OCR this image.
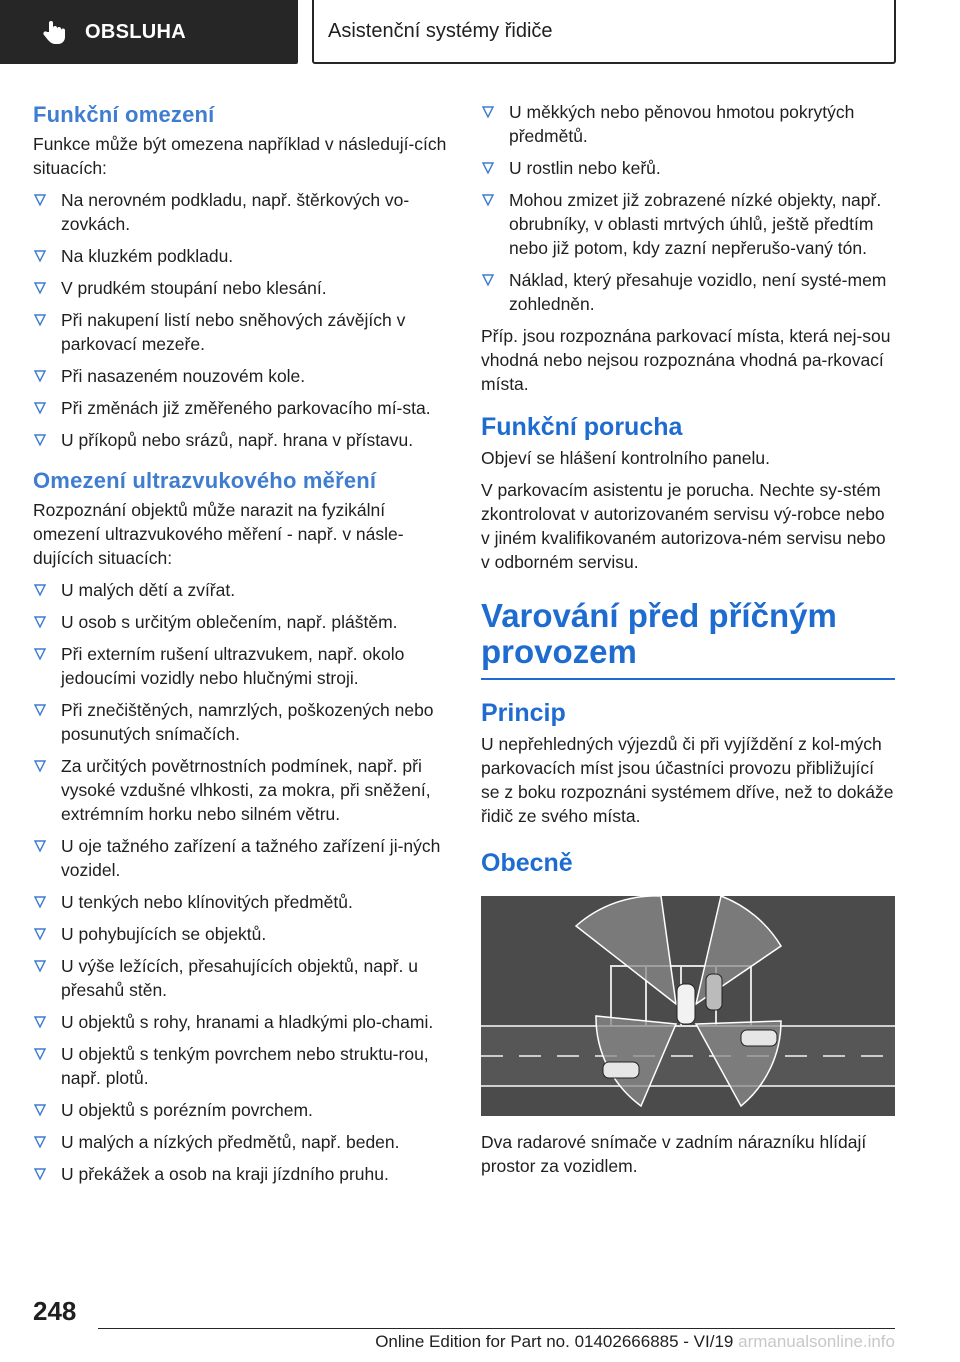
OBSLUHA	Asistenční systémy řidiče
Funkční omezení

Funkce může být omezena například v následují‐cích situacích:

Na nerovném podkladu, např. štěrkových vo‐zovkách.
Na kluzkém podkladu.
V prudkém stoupání nebo klesání.
Při nakupení listí nebo sněhových závějích v parkovací mezeře.
Při nasazeném nouzovém kole.
Při změnách již změřeného parkovacího mí‐sta.
U příkopů nebo srázů, např. hrana v přístavu.
Omezení ultrazvukového měření

Rozpoznání objektů může narazit na fyzikální omezení ultrazvukového měření - např. v násle‐dujících situacích:

U malých dětí a zvířat.
U osob s určitým oblečením, např. pláštěm.
Při externím rušení ultrazvukem, např. okolo jedoucími vozidly nebo hlučnými stroji.
Při znečištěných, namrzlých, poškozených nebo posunutých snímačích.
Za určitých povětrnostních podmínek, např. při vysoké vzdušné vlhkosti, za mokra, při sněžení, extrémním horku nebo silném větru.
U oje tažného zařízení a tažného zařízení ji‐ných vozidel.
U tenkých nebo klínovitých předmětů.
U pohybujících se objektů.
U výše ležících, přesahujících objektů, např. u přesahů stěn.
U objektů s rohy, hranami a hladkými plo‐chami.
U objektů s tenkým povrchem nebo struktu‐rou, např. plotů.
U objektů s porézním povrchem.
U malých a nízkých předmětů, např. beden.
U překážek a osob na kraji jízdního pruhu.
U měkkých nebo pěnovou hmotou pokrytých předmětů.
U rostlin nebo keřů.
Mohou zmizet již zobrazené nízké objekty, např. obrubníky, v oblasti mrtvých úhlů, ještě předtím nebo již potom, kdy zazní nepřerušo‐vaný tón.
Náklad, který přesahuje vozidlo, není systé‐mem zohledněn.

Příp. jsou rozpoznána parkovací místa, která nej‐sou vhodná nebo nejsou rozpoznána vhodná pa‐rkovací místa.

Funkční porucha

Objeví se hlášení kontrolního panelu.

V parkovacím asistentu je porucha. Nechte sy‐stém zkontrolovat v autorizovaném servisu vý‐robce nebo v jiném kvalifikovaném autorizova‐ném servisu nebo v odborném servisu.

Varování před příčným provozem
Princip

U nepřehledných výjezdů či při vyjíždění z kol‐mých parkovacích míst jsou účastníci provozu přibližující se z boku rozpoznáni systémem dříve, než to dokáže řidič ze svého místa.

Obecně

Dva radarové snímače v zadním nárazníku hlídají prostor za vozidlem.

248
Online Edition for Part no. 01402666885 - VI/19 armanualsonline.info
